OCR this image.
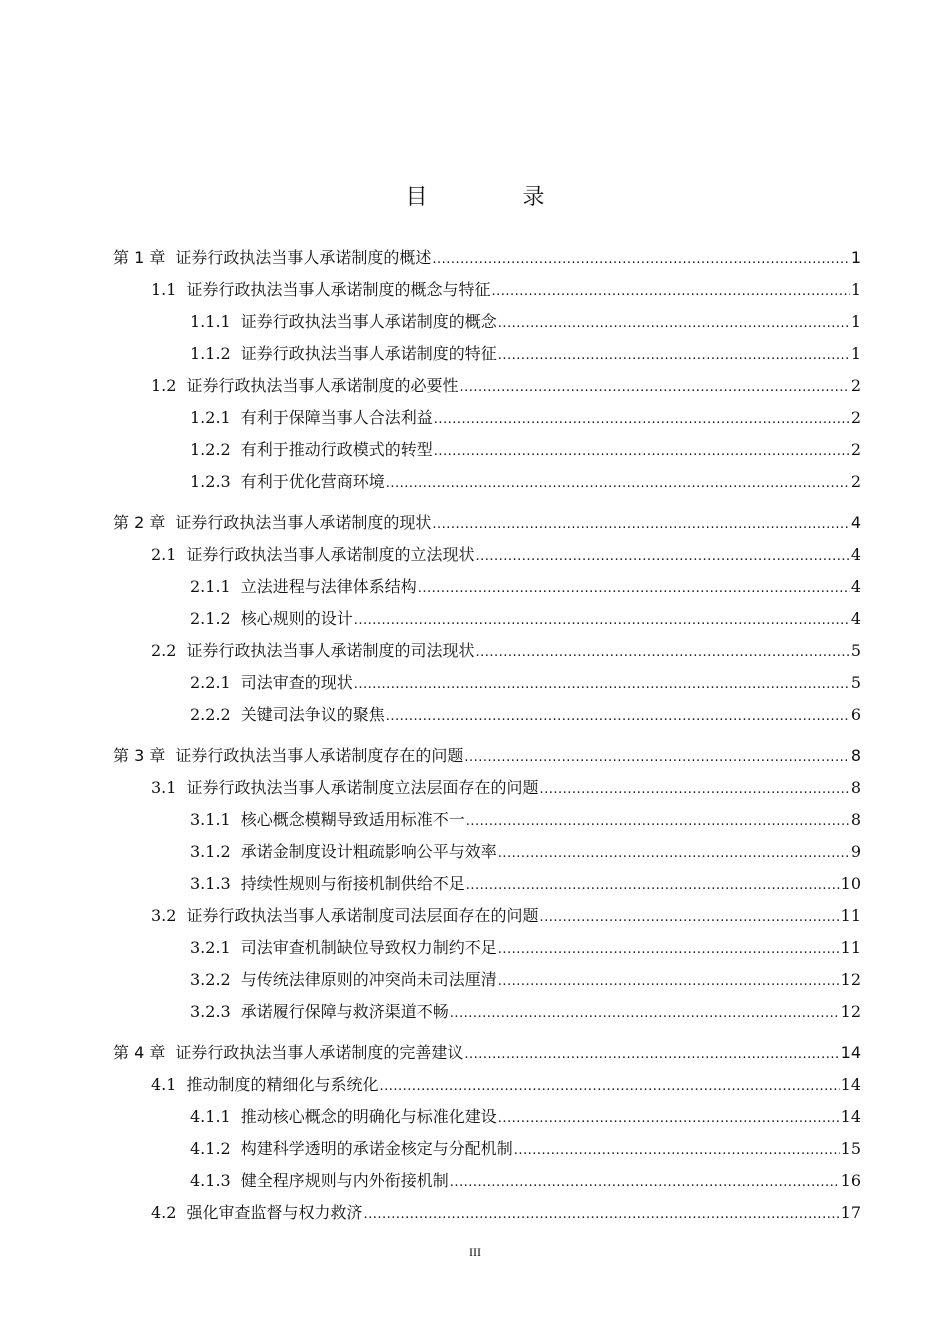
目 录
第 1 章 证券行政执法当事人承诺制度的概述 .....	1
1.1 证券行政执法当事人承诺制度的概念与特征 .....	1
1.1.1 证券行政执法当事人承诺制度的概念 .....	1
1.1.2 证券行政执法当事人承诺制度的特征 .....	1
1.2 证券行政执法当事人承诺制度的必要性 .....	2
1.2.1 有利于保障当事人合法利益 .....	2
1.2.2 有利于推动行政模式的转型 .....	2
1.2.3 有利于优化营商环境 .....	2
第 2 章 证券行政执法当事人承诺制度的现状 .....	4
2.1 证券行政执法当事人承诺制度的立法现状 .....	4
2.1.1 立法进程与法律体系结构 .....	4
2.1.2 核心规则的设计 .....	4
2.2 证券行政执法当事人承诺制度的司法现状 .....	5
2.2.1 司法审查的现状 .....	5
2.2.2 关键司法争议的聚焦 .....	6
第 3 章 证券行政执法当事人承诺制度存在的问题 .....	8
3.1 证券行政执法当事人承诺制度立法层面存在的问题 .....	8
3.1.1 核心概念模糊导致适用标准不一 .....	8
3.1.2 承诺金制度设计粗疏影响公平与效率 .....	9
3.1.3 持续性规则与衔接机制供给不足 .....	10
3.2 证券行政执法当事人承诺制度司法层面存在的问题 .....	11
3.2.1 司法审查机制缺位导致权力制约不足 .....	11
3.2.2 与传统法律原则的冲突尚未司法厘清 .....	12
3.2.3 承诺履行保障与救济渠道不畅 .....	12
第 4 章 证券行政执法当事人承诺制度的完善建议 .....	14
4.1 推动制度的精细化与系统化 .....	14
4.1.1 推动核心概念的明确化与标准化建设 .....	14
4.1.2 构建科学透明的承诺金核定与分配机制 .....	15
4.1.3 健全程序规则与内外衔接机制 .....	16
4.2 强化审查监督与权力救济 .....	17
III
